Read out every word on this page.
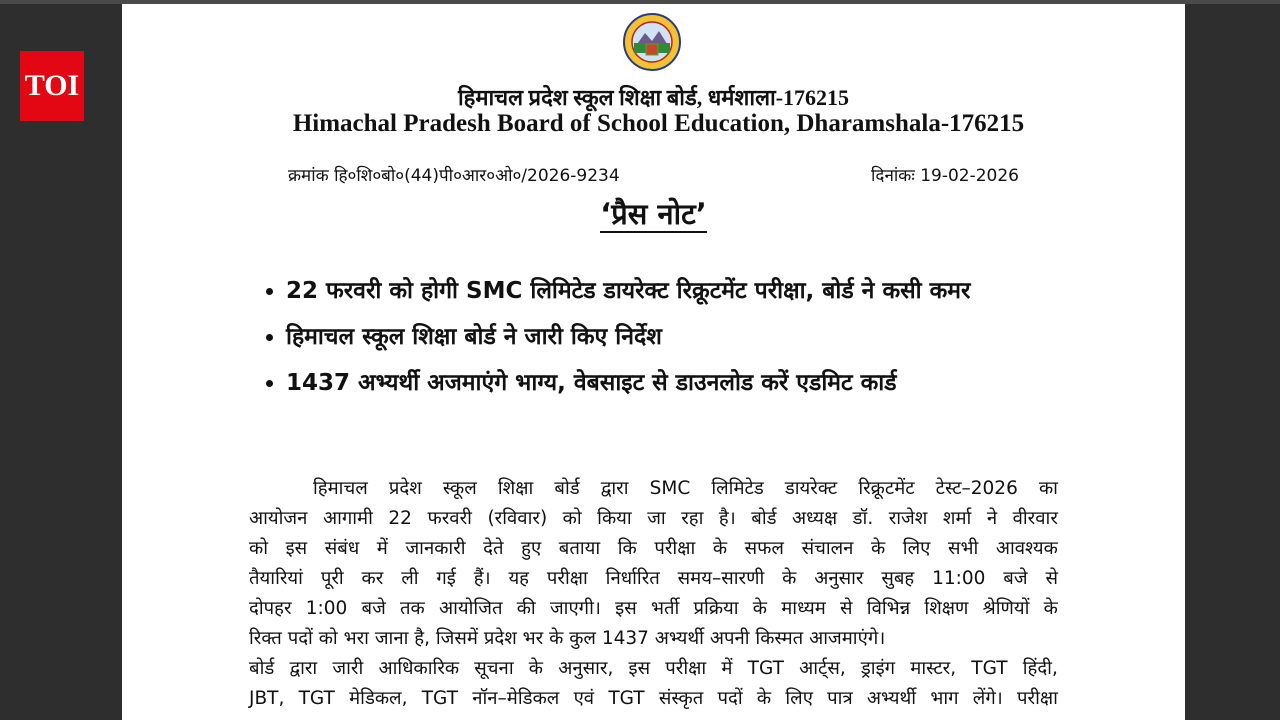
TOI	हिमाचल प्रदेश स्कूल शिक्षा बोर्ड, धर्मशाला-176215
Himachal Pradesh Board of School Education, Dharamshala-176215
क्रमांक हि०शि०बो०(44)पी०आर०ओ०/2026-9234	दिनांकः 19-02-2026
‘प्रैस नोट’
• 22 फरवरी को होगी SMC लिमिटेड डायरेक्ट रिक्रूटमेंट परीक्षा, बोर्ड ने कसी कमर
• हिमाचल स्कूल शिक्षा बोर्ड ने जारी किए निर्देश
• 1437 अभ्यर्थी अजमाएंगे भाग्य, वेबसाइट से डाउनलोड करें एडमिट कार्ड
हिमाचल प्रदेश स्कूल शिक्षा बोर्ड द्वारा SMC लिमिटेड डायरेक्ट रिक्रूटमेंट टेस्ट–2026 का
आयोजन आगामी 22 फरवरी (रविवार) को किया जा रहा है। बोर्ड अध्यक्ष डॉ. राजेश शर्मा ने वीरवार
को इस संबंध में जानकारी देते हुए बताया कि परीक्षा के सफल संचालन के लिए सभी आवश्यक
तैयारियां पूरी कर ली गई हैं। यह परीक्षा निर्धारित समय–सारणी के अनुसार सुबह 11:00 बजे से
दोपहर 1:00 बजे तक आयोजित की जाएगी। इस भर्ती प्रक्रिया के माध्यम से विभिन्न शिक्षण श्रेणियों के
रिक्त पदों को भरा जाना है, जिसमें प्रदेश भर के कुल 1437 अभ्यर्थी अपनी किस्मत आजमाएंगे।
बोर्ड द्वारा जारी आधिकारिक सूचना के अनुसार, इस परीक्षा में TGT आर्ट्स, ड्राइंग मास्टर, TGT हिंदी,
JBT, TGT मेडिकल, TGT नॉन–मेडिकल एवं TGT संस्कृत पदों के लिए पात्र अभ्यर्थी भाग लेंगे। परीक्षा
